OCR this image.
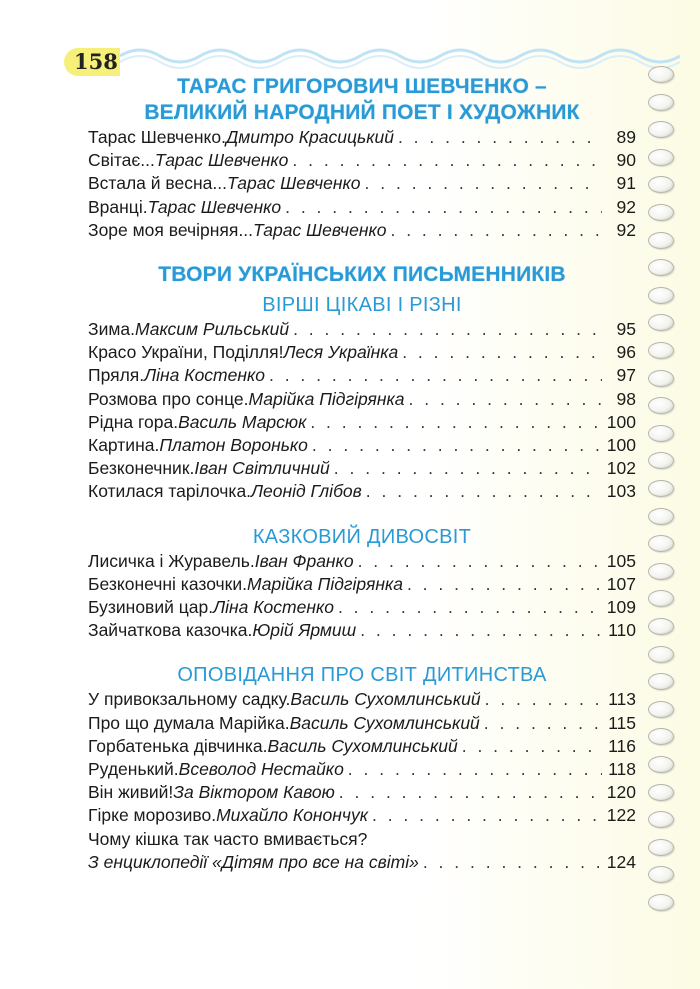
158
ТАРАС ГРИГОРОВИЧ ШЕВЧЕНКО –
ВЕЛИКИЙ НАРОДНИЙ ПОЕТ І ХУДОЖНИК
Тарас Шевченко. Дмитро Красицький . . .	89
Світає... Тарас Шевченко . . .	90
Встала й весна... Тарас Шевченко . . .	91
Вранці. Тарас Шевченко . . .	92
Зоре моя вечірняя... Тарас Шевченко . . .	92
ТВОРИ УКРАЇНСЬКИХ ПИСЬМЕННИКІВ
ВІРШІ ЦІКАВІ І РІЗНІ
Зима. Максим Рильський . . .	95
Красо України, Поділля! Леся Українка . . .	96
Пряля. Ліна Костенко . . .	97
Розмова про сонце. Марійка Підгірянка . . .	98
Рідна гора. Василь Марсюк . . .	100
Картина. Платон Воронько . . .	100
Безконечник. Іван Світличний . . .	102
Котилася тарілочка. Леонід Глібов . . .	103
КАЗКОВИЙ ДИВОСВІТ
Лисичка і Журавель. Іван Франко . . .	105
Безконечні казочки. Марійка Підгірянка . . .	107
Бузиновий цар. Ліна Костенко . . .	109
Зайчаткова казочка. Юрій Ярмиш . . .	110
ОПОВІДАННЯ ПРО СВІТ ДИТИНСТВА
У привокзальному садку. Василь Сухомлинський . . .	113
Про що думала Марійка. Василь Сухомлинський . . .	115
Горбатенька дівчинка. Василь Сухомлинський . . .	116
Руденький. Всеволод Нестайко . . .	118
Він живий! За Віктором Кавою . . .	120
Гірке морозиво. Михайло Конончук . . .	122
Чому кішка так часто вмивається?
З енциклопедії «Дітям про все на світі» . . .	124
